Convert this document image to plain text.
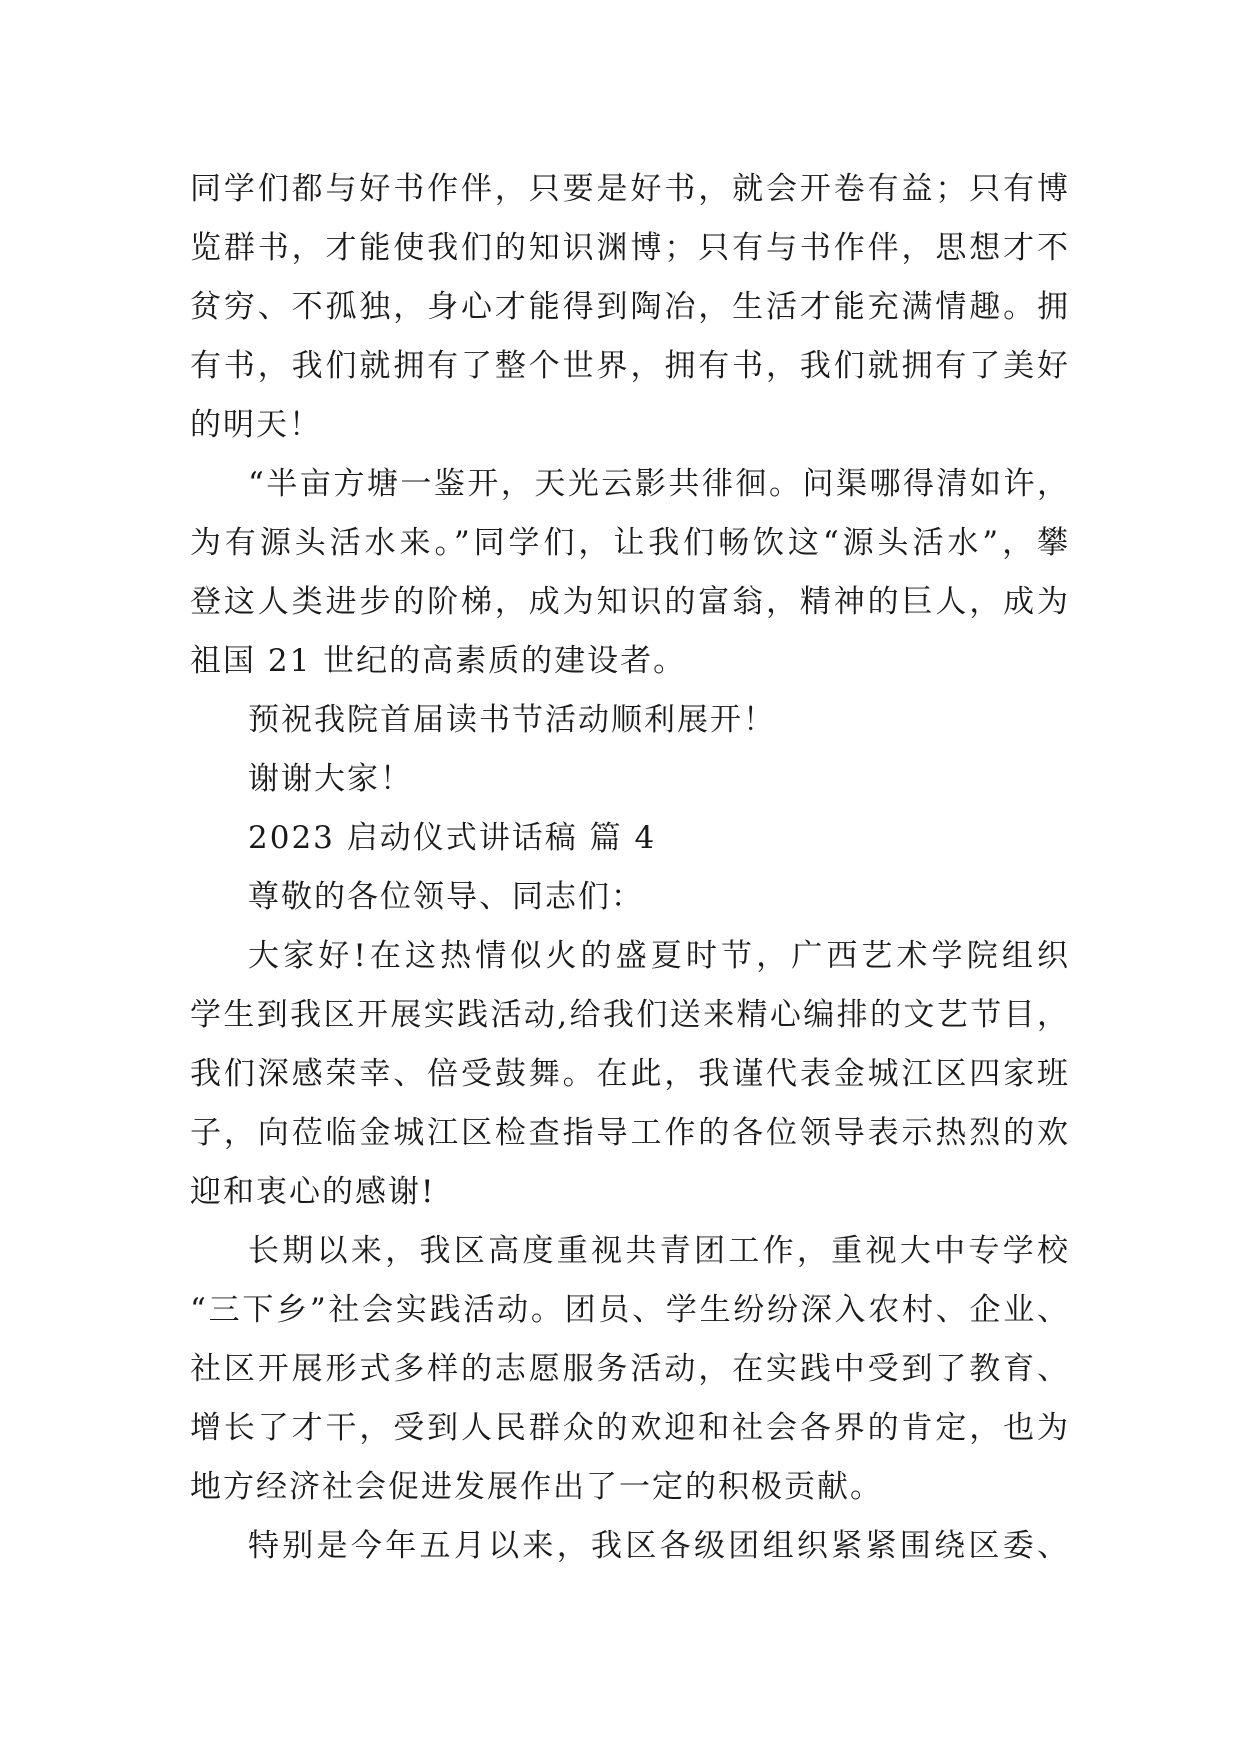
同学们都与好书作伴，只要是好书，就会开卷有益；只有博
览群书，才能使我们的知识渊博；只有与书作伴，思想才不
贫穷、不孤独，身心才能得到陶冶，生活才能充满情趣。拥
有书，我们就拥有了整个世界，拥有书，我们就拥有了美好
的明天！
“半亩方塘一鉴开，天光云影共徘徊。问渠哪得清如许，
为有源头活水来。”同学们，让我们畅饮这“源头活水”，攀
登这人类进步的阶梯，成为知识的富翁，精神的巨人，成为
祖国 21 世纪的高素质的建设者。
预祝我院首届读书节活动顺利展开！
谢谢大家！
2023 启动仪式讲话稿 篇 4
尊敬的各位领导、同志们：
大家好!在这热情似火的盛夏时节，广西艺术学院组织
学生到我区开展实践活动,给我们送来精心编排的文艺节目，
我们深感荣幸、倍受鼓舞。在此，我谨代表金城江区四家班
子，向莅临金城江区检查指导工作的各位领导表示热烈的欢
迎和衷心的感谢!
长期以来，我区高度重视共青团工作，重视大中专学校
“三下乡”社会实践活动。团员、学生纷纷深入农村、企业、
社区开展形式多样的志愿服务活动，在实践中受到了教育、
增长了才干，受到人民群众的欢迎和社会各界的肯定，也为
地方经济社会促进发展作出了一定的积极贡献。
特别是今年五月以来，我区各级团组织紧紧围绕区委、
